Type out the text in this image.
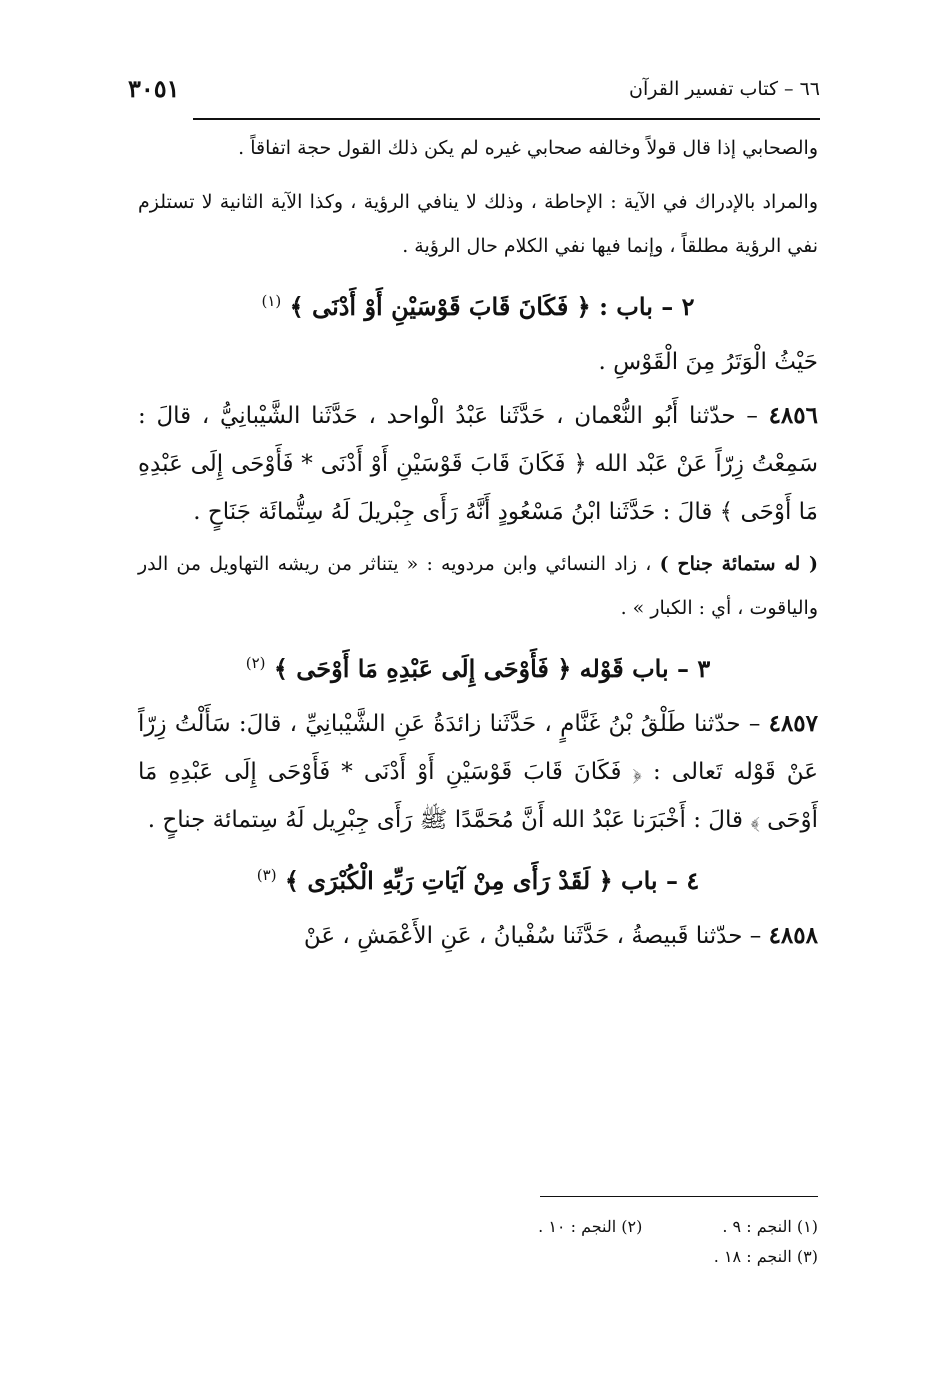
٦٦ – كتاب تفسير القرآن
٣٠٥١

والصحابي إذا قال قولاً وخالفه صحابي غيره لم يكن ذلك القول حجة اتفاقاً .

والمراد بالإدراك في الآية : الإحاطة ، وذلك لا ينافي الرؤية ، وكذا الآية الثانية لا تستلزم نفي الرؤية مطلقاً ، وإنما فيها نفي الكلام حال الرؤية .

٢ – باب : ﴿ فَكَانَ قَابَ قَوْسَيْنِ أَوْ أَدْنَى ﴾ $^{(١)}$

حَيْثُ الْوَتَرُ مِنَ الْقَوْسِ .

٤٨٥٦ – حدّثنا أَبُو النُّعْمان ، حَدَّثَنا عَبْدُ الْواحد ، حَدَّثَنا الشَّيْبانِيُّ ، قالَ : سَمِعْتُ زِرّاً عَنْ عَبْد الله ﴿ فَكَانَ قَابَ قَوْسَيْنِ أَوْ أَدْنَى * فَأَوْحَى إِلَى عَبْدِهِ مَا أَوْحَى ﴾ قالَ : حَدَّثَنا ابْنُ مَسْعُودٍ أَنَّهُ رَأَى جِبْريلَ لَهُ سِتُّمائَة جَنَاحٍ .

( له ستمائة جناح ) ، زاد النسائي وابن مردويه : « يتناثر من ريشه التهاويل من الدر والياقوت ، أي : الكبار » .

٣ – باب قَوْله ﴿ فَأَوْحَى إِلَى عَبْدِهِ مَا أَوْحَى ﴾ $^{(٢)}$

٤٨٥٧ – حدّثنا طَلْقُ بْنُ غَنَّامٍ ، حَدَّثَنا زائدَةُ عَنِ الشَّيْبانِيِّ ، قالَ: سَأَلْتُ زِرّاً عَنْ قَوْله تَعالى : ﴿ فَكَانَ قَابَ قَوْسَيْنِ أَوْ أَدْنَى * فَأَوْحَى إِلَى عَبْدِهِ مَا أَوْحَى ﴾ قالَ : أَخْبَرَنا عَبْدُ الله أَنَّ مُحَمَّدًا ﷺ رَأَى جِبْرِيل لَهُ سِتمائة جناحٍ .

٤ – باب ﴿ لَقَدْ رَأَى مِنْ آيَاتِ رَبِّهِ الْكُبْرَى ﴾ $^{(٣)}$

٤٨٥٨ – حدّثنا قَبيصةُ ، حَدَّثَنا سُفْيانُ ، عَنِ الأَعْمَشِ ، عَنْ

(١) النجم : ٩ .
(٢) النجم : ١٠ .
(٣) النجم : ١٨ .
